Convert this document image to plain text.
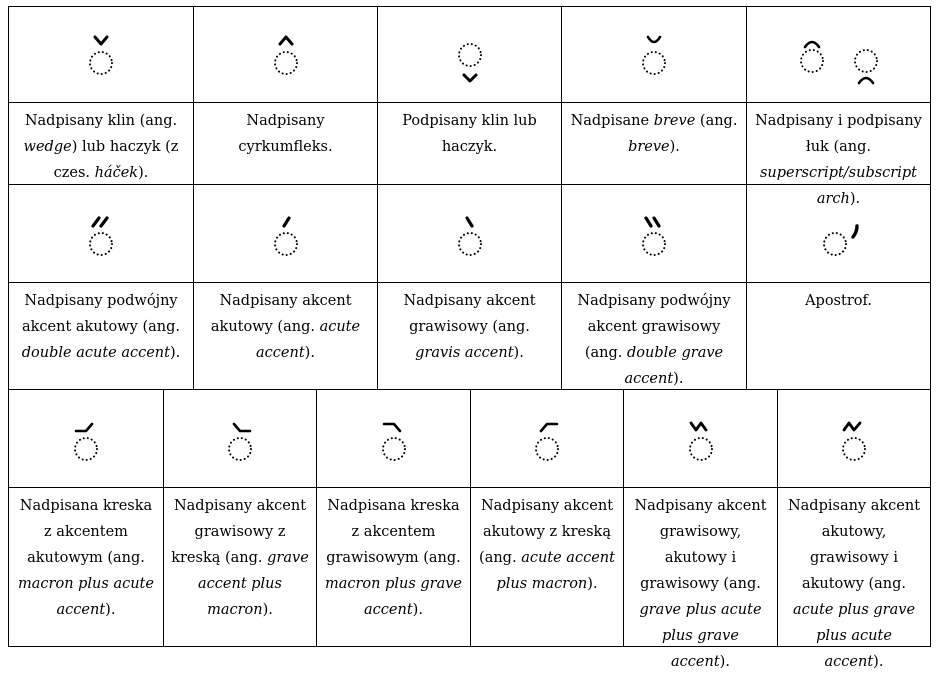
Nadpisany klin (ang. wedge) lub haczyk (z czes. háček).
Nadpisany cyrkumfleks.
Podpisany klin lub haczyk.
Nadpisane breve (ang. breve).
Nadpisany i podpisany łuk (ang. superscript/subscript arch).
Nadpisany podwójny akcent akutowy (ang. double acute accent).
Nadpisany akcent akutowy (ang. acute accent).
Nadpisany akcent grawisowy (ang. gravis accent).
Nadpisany podwójny akcent grawisowy (ang. double grave accent).
Apostrof.
Nadpisana kreska z akcentem akutowym (ang. macron plus acute accent).
Nadpisany akcent grawisowy z kreską (ang. grave accent plus macron).
Nadpisana kreska z akcentem grawisowym (ang. macron plus grave accent).
Nadpisany akcent akutowy z kreską (ang. acute accent plus macron).
Nadpisany akcent grawisowy, akutowy i grawisowy (ang. grave plus acute plus grave accent).
Nadpisany akcent akutowy, grawisowy i akutowy (ang. acute plus grave plus acute accent).
